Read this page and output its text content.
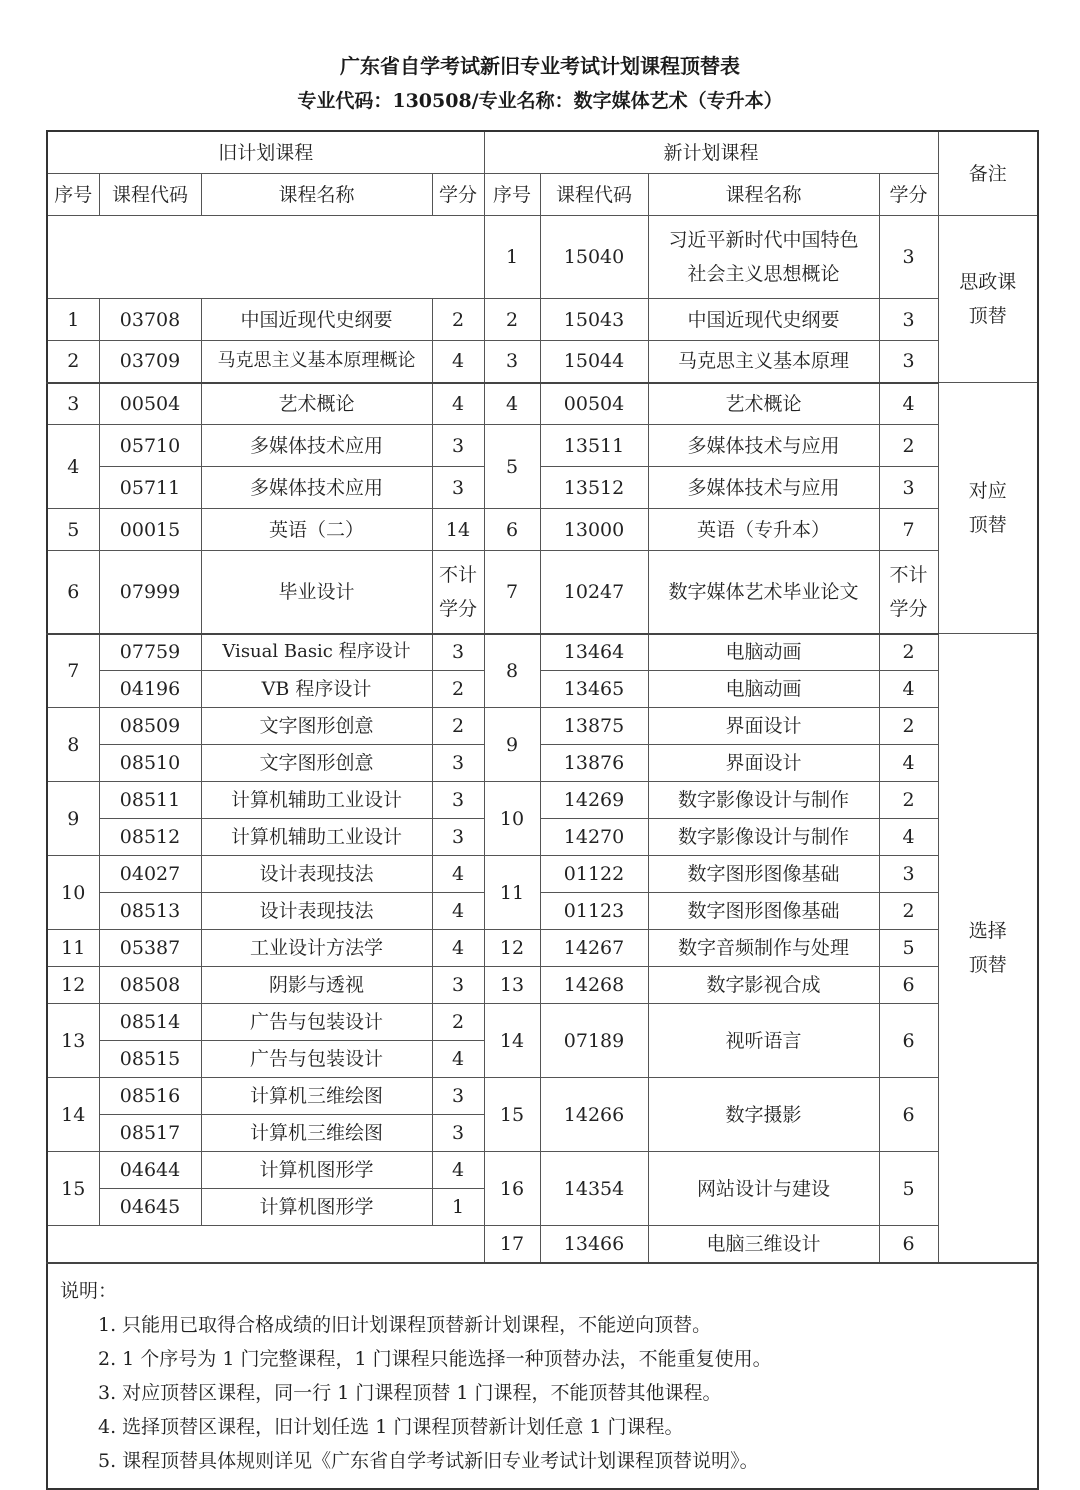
广东省自学考试新旧专业考试计划课程顶替表
专业代码：130508/专业名称：数字媒体艺术（专升本）
旧计划课程				新计划课程				备注
序号	课程代码	课程名称	学分	序号	课程代码	课程名称	学分	
				1	15040	习近平新时代中国特色社会主义思想概论	3	思政课顶替
1	03708	中国近现代史纲要	2	2	15043	中国近现代史纲要	3	
2	03709	马克思主义基本原理概论	4	3	15044	马克思主义基本原理	3	
3	00504	艺术概论	4	4	00504	艺术概论	4	对应顶替
4	05710	多媒体技术应用	3	5	13511	多媒体技术与应用	2	
	05711	多媒体技术应用	3		13512	多媒体技术与应用	3	
5	00015	英语（二）	14	6	13000	英语（专升本）	7	
6	07999	毕业设计	不计学分	7	10247	数字媒体艺术毕业论文	不计学分	
7	07759	Visual Basic 程序设计	3	8	13464	电脑动画	2	选择顶替
	04196	VB 程序设计	2		13465	电脑动画	4	
8	08509	文字图形创意	2	9	13875	界面设计	2	
	08510	文字图形创意	3		13876	界面设计	4	
9	08511	计算机辅助工业设计	3	10	14269	数字影像设计与制作	2	
	08512	计算机辅助工业设计	3		14270	数字影像设计与制作	4	
10	04027	设计表现技法	4	11	01122	数字图形图像基础	3	
	08513	设计表现技法	4		01123	数字图形图像基础	2	
11	05387	工业设计方法学	4	12	14267	数字音频制作与处理	5	
12	08508	阴影与透视	3	13	14268	数字影视合成	6	
13	08514	广告与包装设计	2	14	07189	视听语言	6	
	08515	广告与包装设计	4					
14	08516	计算机三维绘图	3	15	14266	数字摄影	6	
	08517	计算机三维绘图	3					
15	04644	计算机图形学	4	16	14354	网站设计与建设	5	
	04645	计算机图形学	1					
				17	13466	电脑三维设计	6	

说明：
1. 只能用已取得合格成绩的旧计划课程顶替新计划课程，不能逆向顶替。
2. 1 个序号为 1 门完整课程，1 门课程只能选择一种顶替办法，不能重复使用。
3. 对应顶替区课程，同一行 1 门课程顶替 1 门课程，不能顶替其他课程。
4. 选择顶替区课程，旧计划任选 1 门课程顶替新计划任意 1 门课程。
5. 课程顶替具体规则详见《广东省自学考试新旧专业考试计划课程顶替说明》。
